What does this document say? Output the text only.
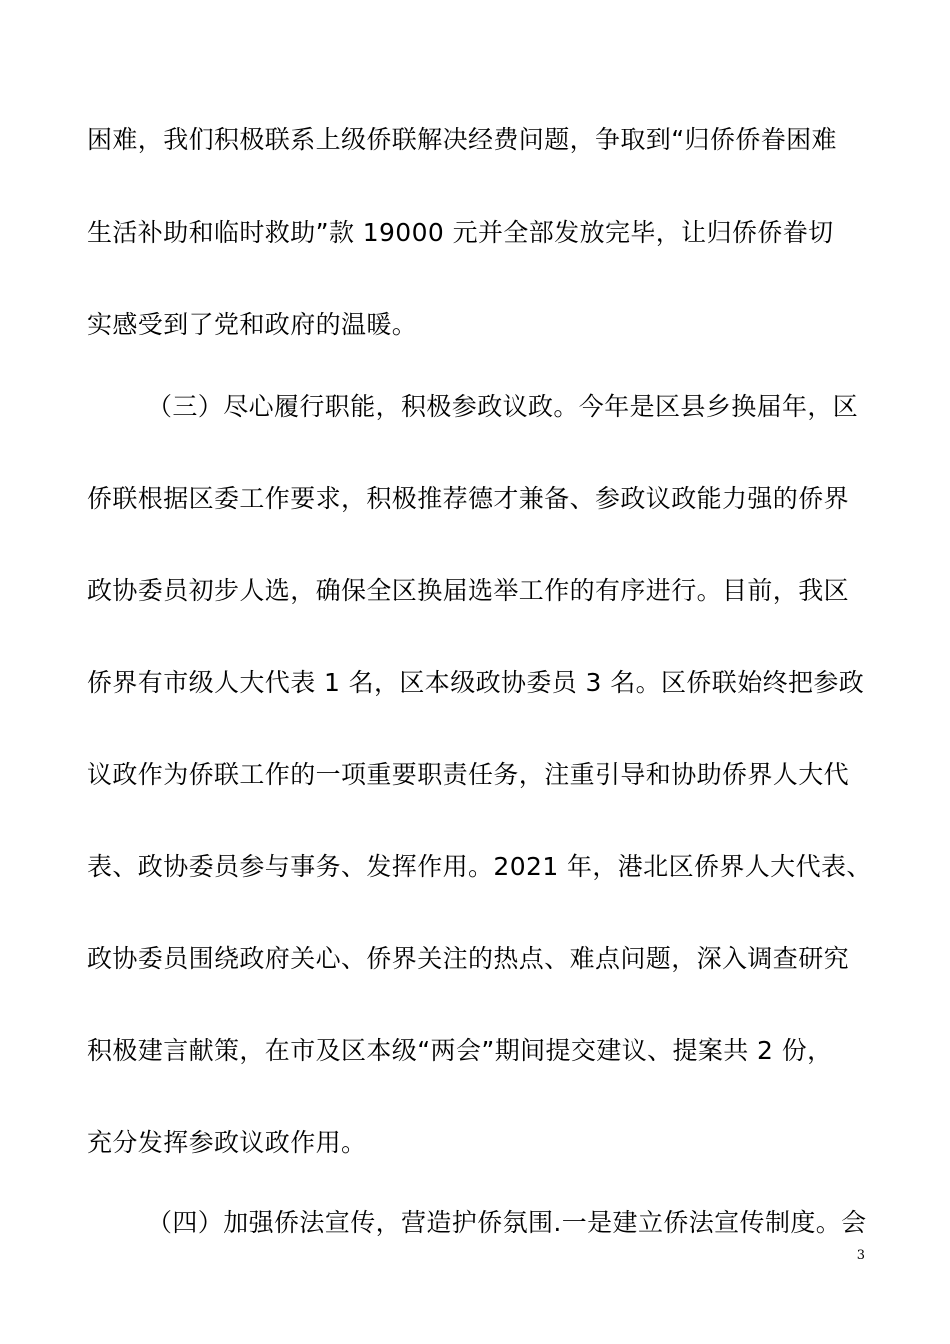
困难，我们积极联系上级侨联解决经费问题，争取到“归侨侨眷困难
生活补助和临时救助”款 19000 元并全部发放完毕，让归侨侨眷切
实感受到了党和政府的温暖。
（三）尽心履行职能，积极参政议政。今年是区县乡换届年，区
侨联根据区委工作要求，积极推荐德才兼备、参政议政能力强的侨界
政协委员初步人选，确保全区换届选举工作的有序进行。目前，我区
侨界有市级人大代表 1 名，区本级政协委员 3 名。区侨联始终把参政
议政作为侨联工作的一项重要职责任务，注重引导和协助侨界人大代
表、政协委员参与事务、发挥作用。2021 年，港北区侨界人大代表、
政协委员围绕政府关心、侨界关注的热点、难点问题，深入调查研究
积极建言献策，在市及区本级“两会”期间提交建议、提案共 2 份，
充分发挥参政议政作用。
（四）加强侨法宣传，营造护侨氛围.一是建立侨法宣传制度。会
3
